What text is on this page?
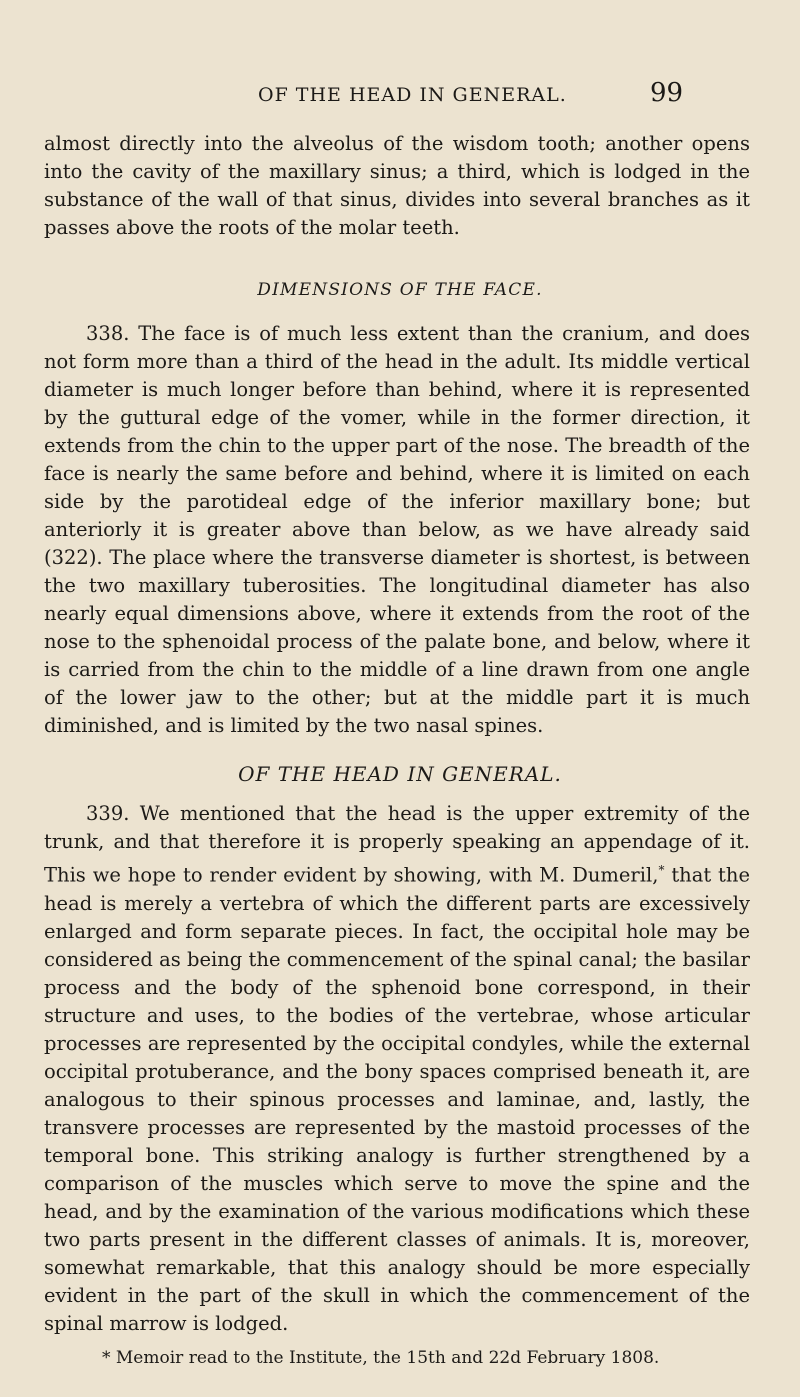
OF THE HEAD IN GENERAL.	99

almost directly into the alveolus of the wisdom tooth; another opens into the cavity of the maxillary sinus; a third, which is lodged in the substance of the wall of that sinus, divides into several branches as it passes above the roots of the molar teeth.

DIMENSIONS OF THE FACE.

338. The face is of much less extent than the cranium, and does not form more than a third of the head in the adult. Its middle vertical diameter is much longer before than behind, where it is represented by the guttural edge of the vomer, while in the former direction, it extends from the chin to the upper part of the nose. The breadth of the face is nearly the same before and behind, where it is limited on each side by the parotideal edge of the inferior maxillary bone; but anteriorly it is greater above than below, as we have already said (322). The place where the transverse diameter is shortest, is between the two maxillary tuberosities. The longitudinal diameter has also nearly equal dimensions above, where it extends from the root of the nose to the sphenoidal process of the palate bone, and below, where it is carried from the chin to the middle of a line drawn from one angle of the lower jaw to the other; but at the middle part it is much diminished, and is limited by the two nasal spines.

OF THE HEAD IN GENERAL.

339. We mentioned that the head is the upper extremity of the trunk, and that therefore it is properly speaking an appendage of it. This we hope to render evident by showing, with M. Dumeril,* that the head is merely a vertebra of which the different parts are excessively enlarged and form separate pieces. In fact, the occipital hole may be considered as being the commencement of the spinal canal; the basilar process and the body of the sphenoid bone correspond, in their structure and uses, to the bodies of the vertebrae, whose articular processes are represented by the occipital condyles, while the external occipital protuberance, and the bony spaces comprised beneath it, are analogous to their spinous processes and laminae, and, lastly, the transvere processes are represented by the mastoid processes of the temporal bone. This striking analogy is further strengthened by a comparison of the muscles which serve to move the spine and the head, and by the examination of the various modifications which these two parts present in the different classes of animals. It is, moreover, somewhat remarkable, that this analogy should be more especially evident in the part of the skull in which the commencement of the spinal marrow is lodged.

* Memoir read to the Institute, the 15th and 22d February 1808.
